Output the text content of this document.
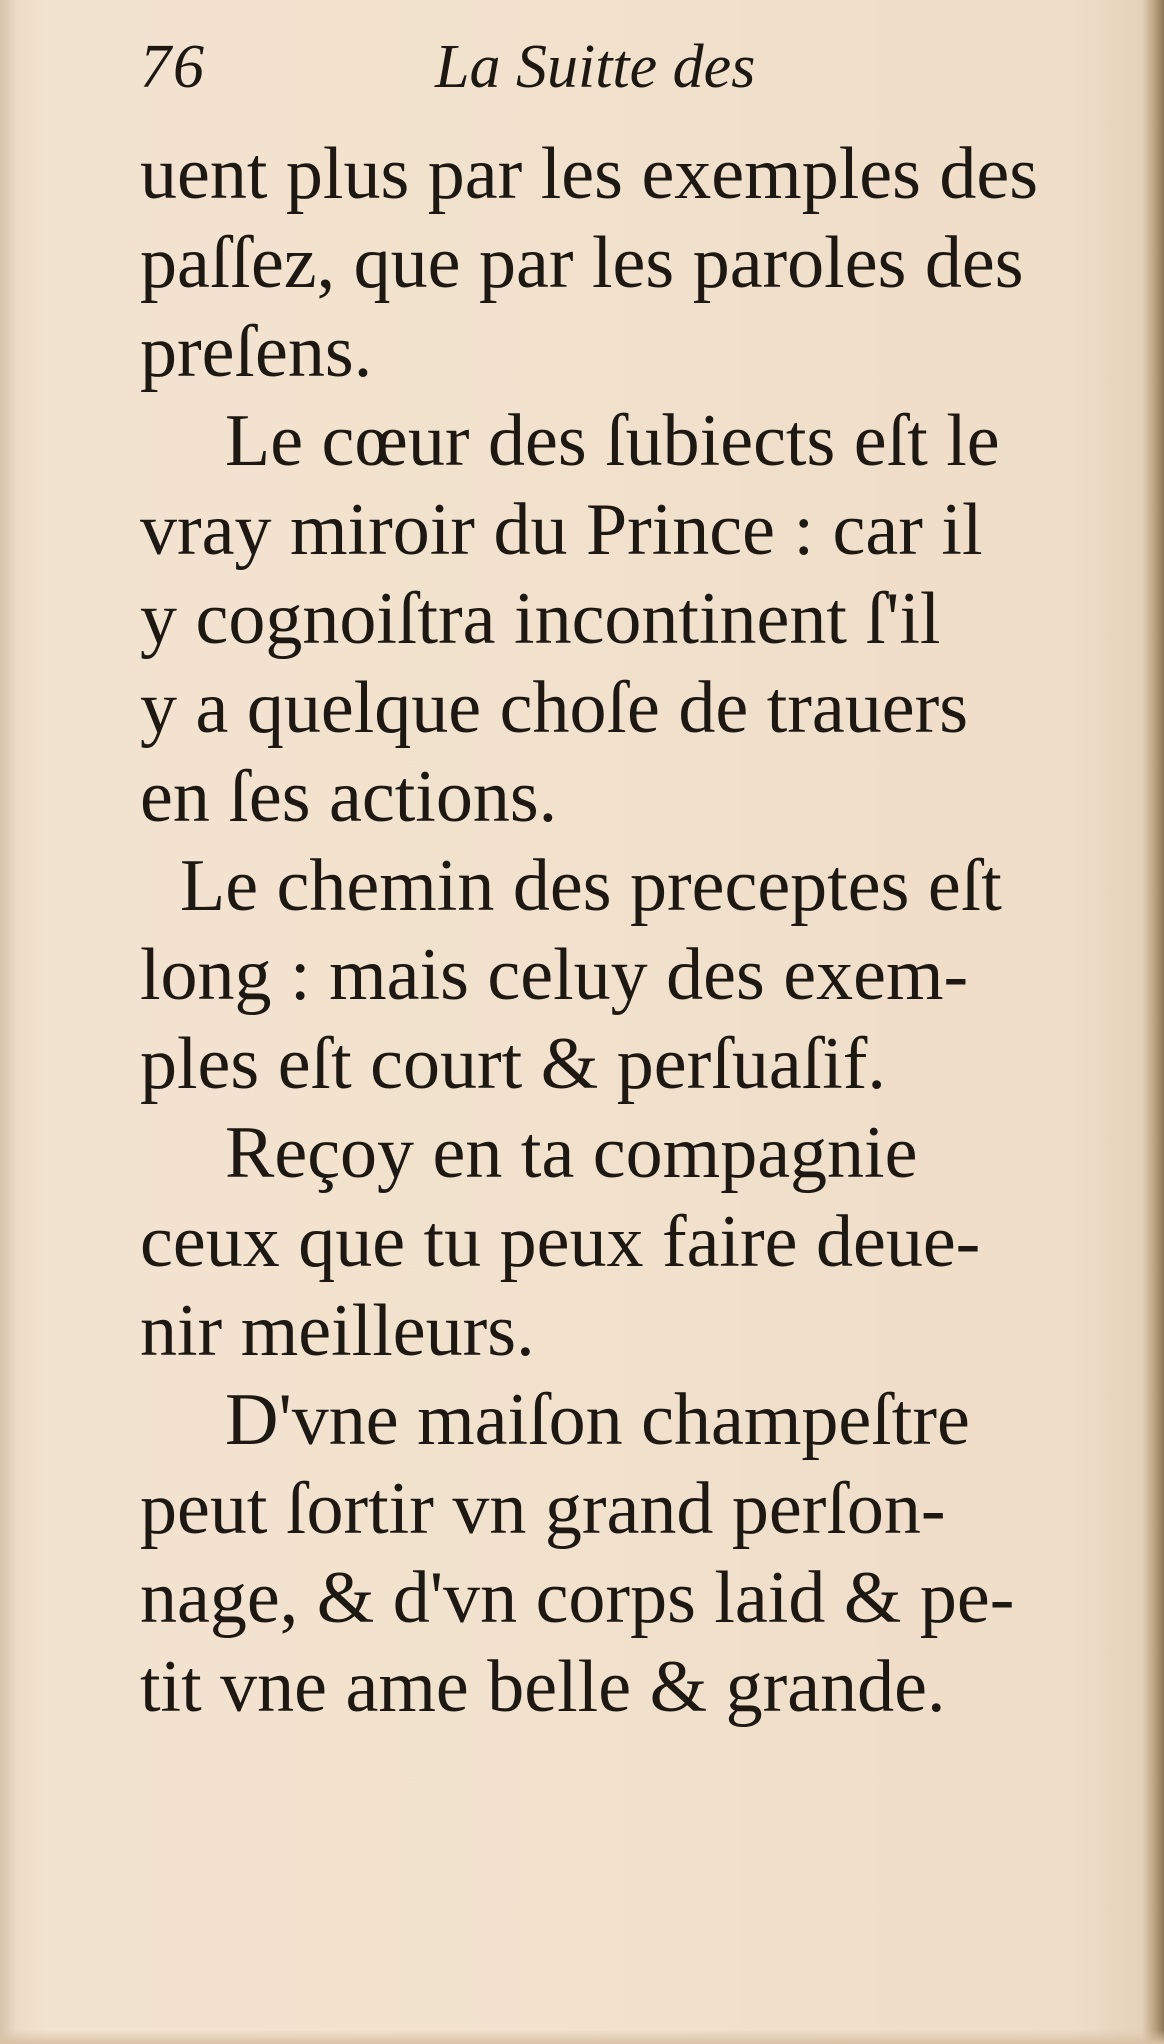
76	La Suitte des
uent plus par les exemples des
paſſez, que par les paroles des
preſens.
Le cœur des ſubiects eſt le
vray miroir du Prince : car il
y cognoiſtra incontinent ſ'il
y a quelque choſe de trauers
en ſes actions.
Le chemin des preceptes eſt
long : mais celuy des exem-
ples eſt court & perſuaſif.
Reçoy en ta compagnie
ceux que tu peux faire deue-
nir meilleurs.
D'vne maiſon champeſtre
peut ſortir vn grand perſon-
nage, & d'vn corps laid & pe-
tit vne ame belle & grande.
